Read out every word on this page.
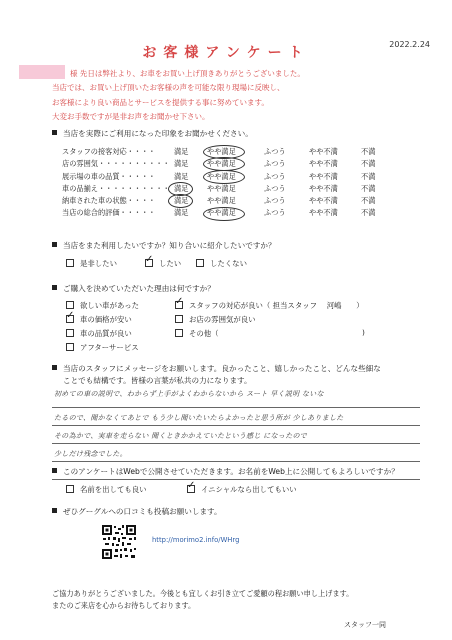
お客様アンケート
2022.2.24
様 先日は弊社より、お車をお買い上げ頂きありがとうございました。
当店では、お買い上げ頂いたお客様の声を可能な限り現場に反映し、
お客様により良い商品とサービスを提供する事に努めています。
大変お手数ですが是非お声をお聞かせ下さい。
当店を実際にご利用になった印象をお聞かせください。
スタッフの接客対応・・・・	満足	やや満足	ふつう	やや不満	不満
店の雰囲気・・・・・・・・・・ 満足	やや満足	ふつう	やや不満	不満
展示場の車の品質・・・・・	満足	やや満足	ふつう	やや不満	不満
車の品揃え・・・・・・・・・・ 満足	やや満足	ふつう	やや不満	不満
納車された車の状態・・・・	満足	やや満足	ふつう	やや不満	不満
当店の総合的評価・・・・・	満足	やや満足	ふつう	やや不満	不満
当店をまた利用したいですか？知り合いに紹介したいですか？
是非したい ✓	したい	したくない
ご購入を決めていただいた理由は何ですか？
欲しい車があった ✓	スタッフの対応が良い（ 担当スタッフ　 河嶋　　）
✓車の価格が安い	お店の雰囲気が良い
車の品質が良い	その他（	)
アフターサービス
当店のスタッフにメッセージをお願いします。良かったこと、嬉しかったこと、どんな些細な
ことでも結構です。皆様の言葉が私共の力になります。
初めての車の説明で、わからず上手がよくわからないから スート 早く説明 ないな
たるので、聞かなくてあとで もう少し聞いたいたらよかったと思う所が 少しありました
その為かで、実車を走らない 聞くときかかえていたという感じ になったので
少しだけ残念でした。
このアンケートはWebで公開させていただきます。お名前をWeb上に公開してもよろしいですか？
名前を出しても良い ✓	イニシャルなら出してもいい
ぜひグーグルへの口コミも投稿お願いします。
http://morimo2.info/WHrg
ご協力ありがとうございました。今後とも宜しくお引き立てご愛顧の程お願い申し上げます。
またのご来店を心からお待ちしております。
スタッフ一同
